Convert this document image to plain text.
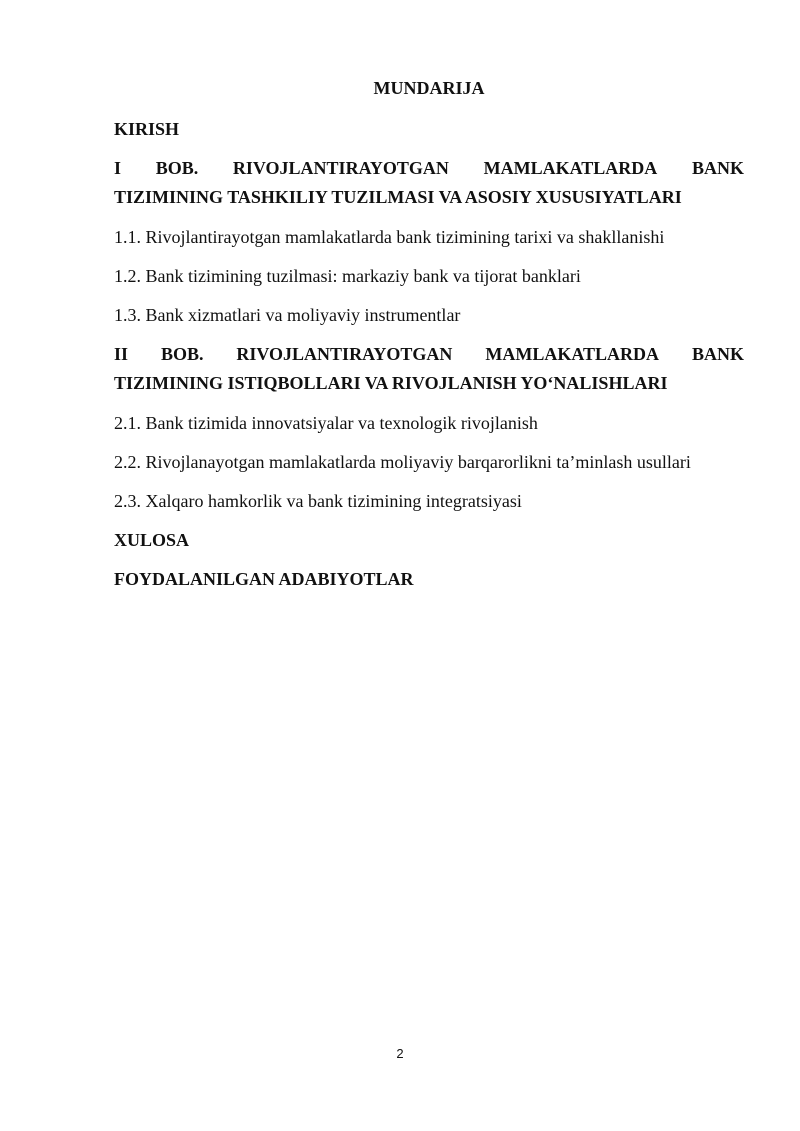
MUNDARIJA
KIRISH
I BOB. RIVOJLANTIRAYOTGAN MAMLAKATLARDA BANK
TIZIMINING TASHKILIY TUZILMASI VA ASOSIY XUSUSIYATLARI
1.1. Rivojlantirayotgan mamlakatlarda bank tizimining tarixi va shakllanishi
1.2. Bank tizimining tuzilmasi: markaziy bank va tijorat banklari
1.3. Bank xizmatlari va moliyaviy instrumentlar
II BOB. RIVOJLANTIRAYOTGAN MAMLAKATLARDA BANK
TIZIMINING ISTIQBOLLARI VA RIVOJLANISH YO‘NALISHLARI
2.1. Bank tizimida innovatsiyalar va texnologik rivojlanish
2.2. Rivojlanayotgan mamlakatlarda moliyaviy barqarorlikni ta’minlash usullari
2.3. Xalqaro hamkorlik va bank tizimining integratsiyasi
XULOSA
FOYDALANILGAN ADABIYOTLAR
2
